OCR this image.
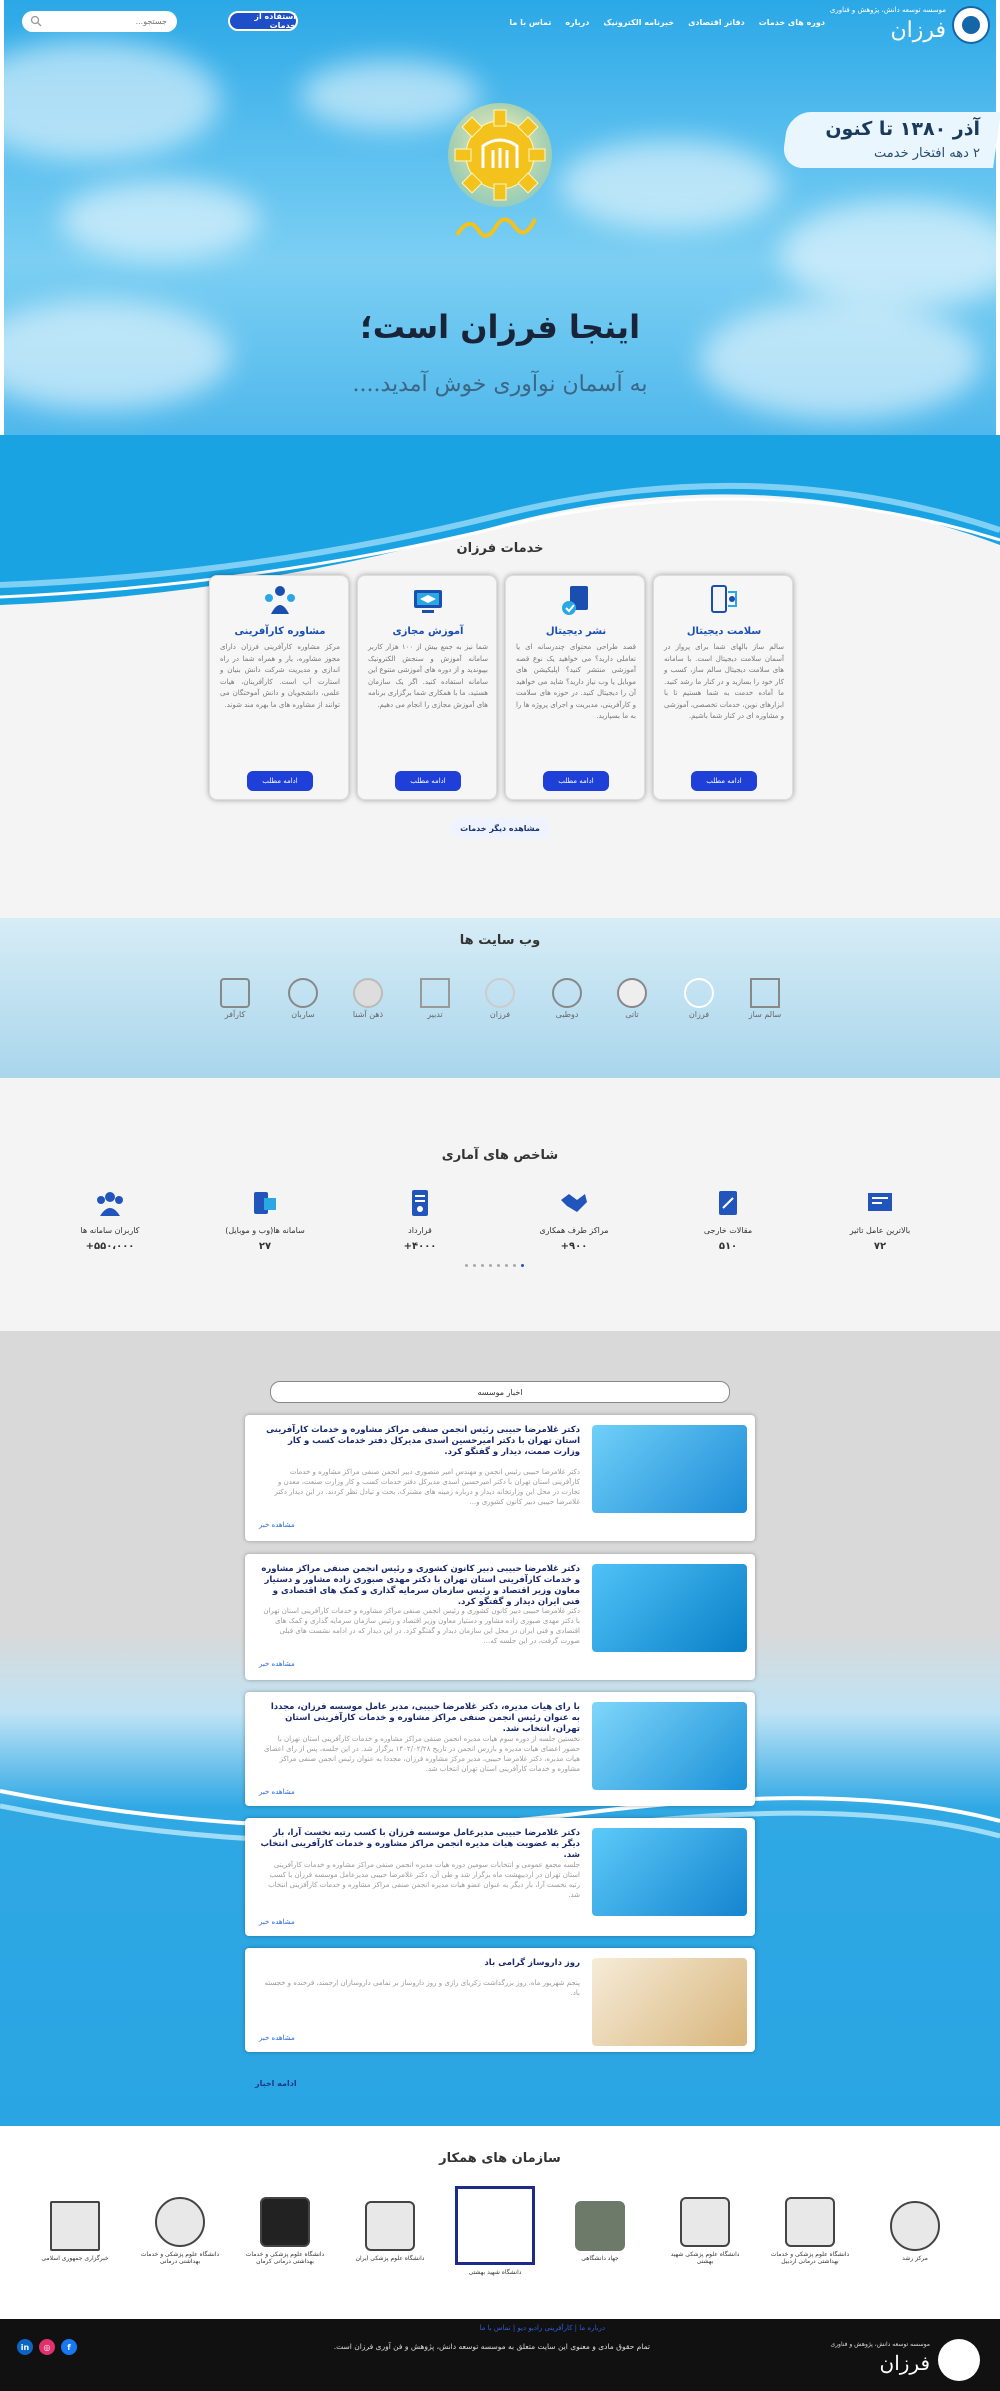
موسسه توسعه دانش، پژوهش و فناوری
فرزان
دوره های خدمات
دفاتر اقتصادی
خبرنامه الکترونیک
درباره
تماس با ما
استفاده از خدمات
جستجو...
آذر ۱۳۸۰ تا کنون
۲ دهه افتخار خدمت
اینجا فرزان است؛
به آسمان نوآوری خوش آمدید....
خدمات فرزان
سلامت دیجیتال
سالم ساز بالهای شما برای پرواز در آسمان سلامت دیجیتال است. با سامانه های سلامت دیجیتال سالم ساز، کسب و کار خود را بسازید و در کنار ما رشد کنید. ما آماده خدمت به شما هستیم تا با ابزارهای نوین، خدمات تخصصی، آموزشی و مشاوره ای در کنار شما باشیم.
ادامه مطلب
نشر دیجیتال
قصد طراحی محتوای چندرسانه ای یا تعاملی دارید؟ می خواهید یک نوع قصه آموزشی منتشر کنید؟ اپلیکیشن های موبایل یا وب نیاز دارید؟ شاید می خواهید آن را دیجیتال کنید. در حوزه های سلامت و کارآفرینی، مدیریت و اجرای پروژه ها را به ما بسپارید.
ادامه مطلب
آموزش مجازی
شما نیز به جمع بیش از ۱۰۰ هزار کاربر سامانه آموزش و سنجش الکترونیک بپیوندید و از دوره های آموزشی متنوع این سامانه استفاده کنید. اگر یک سازمان هستید، ما با همکاری شما برگزاری برنامه های آموزش مجازی را انجام می دهیم.
ادامه مطلب
مشاوره کارآفرینی
مرکز مشاوره کارآفرینی فرزان دارای مجوز مشاوره، یار و همراه شما در راه اندازی و مدیریت شرکت دانش بنیان و استارت آپ است. کارآفرینان، هیات علمی، دانشجویان و دانش آموختگان می توانند از مشاوره های ما بهره مند شوند.
ادامه مطلب
مشاهده دیگر خدمات
وب سایت ها
کارآفر	ساربان	ذهن آشنا	تدبیر	فرزان	دوطبی	تاتی	فرزان	سالم ساز
شاخص های آماری
بالاترین عامل تاثیر
۷۲
مقالات خارجی
۵۱۰
مراکز طرف همکاری
۹۰۰+
قرارداد
۴۰۰۰+
سامانه ها(وب و موبایل)
۲۷
کاربران سامانه ها
۵۵۰،۰۰۰+
اخبار موسسه
دکتر غلامرضا حبیبی رئیس انجمن صنفی مراکز مشاوره و خدمات کارآفرینی استان تهران با دکتر امیرحسین اسدی مدیرکل دفتر خدمات کسب و کار وزارت صمت، دیدار و گفتگو کرد.
دکتر غلامرضا حبیبی رئیس انجمن و مهندس امیر منصوری دبیر انجمن صنفی مراکز مشاوره و خدمات کارآفرینی استان تهران با دکتر امیرحسین اسدی مدیرکل دفتر خدمات کسب و کار وزارت صنعت، معدن و تجارت در محل این وزارتخانه دیدار و درباره زمینه های مشترک، بحث و تبادل نظر کردند. در این دیدار دکتر غلامرضا حبیبی دبیر کانون کشوری و...
مشاهده خبر
دکتر غلامرضا حبیبی دبیر کانون کشوری و رئیس انجمن صنفی مراکز مشاوره و خدمات کارآفرینی استان تهران با دکتر مهدی صبوری زاده مشاور و دستیار معاون وزیر اقتصاد و رئیس سازمان سرمایه گذاری و کمک های اقتصادی و فنی ایران دیدار و گفتگو کرد.
دکتر غلامرضا حبیبی دبیر کانون کشوری و رئیس انجمن صنفی مراکز مشاوره و خدمات کارآفرینی استان تهران با دکتر مهدی صبوری زاده مشاور و دستیار معاون وزیر اقتصاد و رئیس سازمان سرمایه گذاری و کمک های اقتصادی و فنی ایران در محل این سازمان دیدار و گفتگو کرد. در این دیدار که در ادامه نشست های قبلی صورت گرفت، در این جلسه که...
مشاهده خبر
با رای هیات مدیره، دکتر غلامرضا حبیبی، مدیر عامل موسسه فرزان، مجددا به عنوان رئیس انجمن صنفی مراکز مشاوره و خدمات کارآفرینی استان تهران، انتخاب شد.
نخستین جلسه از دوره سوم هیات مدیره انجمن صنفی مراکز مشاوره و خدمات کارآفرینی استان تهران با حضور اعضای هیات مدیره و بازرس انجمن در تاریخ ۱۴۰۲/۰۲/۲۸ برگزار شد. در این جلسه، پس از رای اعضای هیات مدیره، دکتر غلامرضا حبیبی، مدیر مرکز مشاوره فرزان، مجددا به عنوان رئیس انجمن صنفی مراکز مشاوره و خدمات کارآفرینی استان تهران انتخاب شد.
مشاهده خبر
دکتر غلامرضا حبیبی مدیرعامل موسسه فرزان با کسب رتبه نخست آرا، بار دیگر به عضویت هیات مدیره انجمن مراکز مشاوره و خدمات کارآفرینی انتخاب شد.
جلسه مجمع عمومی و انتخابات سومین دوره هیات مدیره انجمن صنفی مراکز مشاوره و خدمات کارآفرینی استان تهران در اردیبهشت ماه برگزار شد و طی آن، دکتر غلامرضا حبیبی مدیرعامل موسسه فرزان با کسب رتبه نخست آرا، بار دیگر به عنوان عضو هیات مدیره انجمن صنفی مراکز مشاوره و خدمات کارآفرینی انتخاب شد.
مشاهده خبر
روز داروساز گرامی باد
پنجم شهریور ماه، روز بزرگداشت زکریای رازی و روز داروساز بر تمامی داروسازان ارجمند، فرخنده و خجسته باد.
مشاهده خبر
ادامه اخبار
سازمان های همکار
مرکز رشد
دانشگاه علوم پزشکی و خدمات بهداشتی درمانی اردبیل
دانشگاه علوم پزشکی شهید بهشتی
جهاد دانشگاهی
دانشگاه شهید بهشتی
دانشگاه علوم پزشکی ایران
دانشگاه علوم پزشکی و خدمات بهداشتی درمانی کرمان
دانشگاه علوم پزشکی و خدمات بهداشتی درمانی
خبرگزاری جمهوری اسلامی
موسسه توسعه دانش، پژوهش و فناوری
فرزان
درباره ما | کارآفرینی رادیو دیو | تماس با ما
تمام حقوق مادی و معنوی این سایت متعلق به موسسه توسعه دانش، پژوهش و فن آوری فرزان است.
in	◎	f
